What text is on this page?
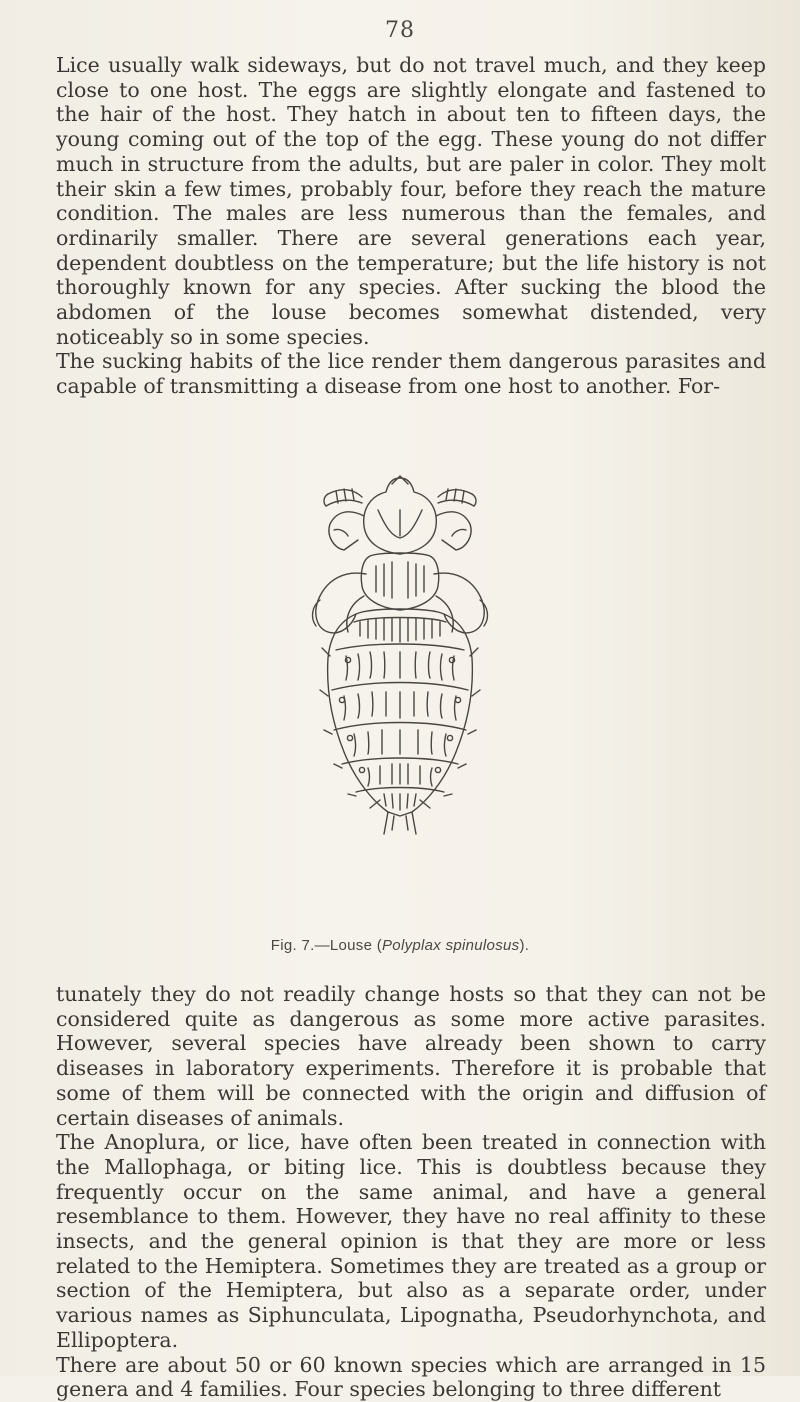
78

Lice usually walk sideways, but do not travel much, and they keep close to one host. The eggs are slightly elongate and fastened to the hair of the host. They hatch in about ten to fifteen days, the young coming out of the top of the egg. These young do not differ much in structure from the adults, but are paler in color. They molt their skin a few times, probably four, before they reach the mature condition. The males are less numerous than the females, and ordinarily smaller. There are several generations each year, dependent doubtless on the temperature; but the life history is not thoroughly known for any species. After sucking the blood the abdomen of the louse becomes somewhat distended, very noticeably so in some species.

The sucking habits of the lice render them dangerous parasites and capable of transmitting a disease from one host to another. For-

Fig. 7.—Louse (Polyplax spinulosus).

tunately they do not readily change hosts so that they can not be considered quite as dangerous as some more active parasites. However, several species have already been shown to carry diseases in laboratory experiments. Therefore it is probable that some of them will be connected with the origin and diffusion of certain diseases of animals.

The Anoplura, or lice, have often been treated in connection with the Mallophaga, or biting lice. This is doubtless because they frequently occur on the same animal, and have a general resemblance to them. However, they have no real affinity to these insects, and the general opinion is that they are more or less related to the Hemiptera. Sometimes they are treated as a group or section of the Hemiptera, but also as a separate order, under various names as Siphunculata, Lipognatha, Pseudorhynchota, and Ellipoptera.

There are about 50 or 60 known species which are arranged in 15 genera and 4 families. Four species belonging to three different
